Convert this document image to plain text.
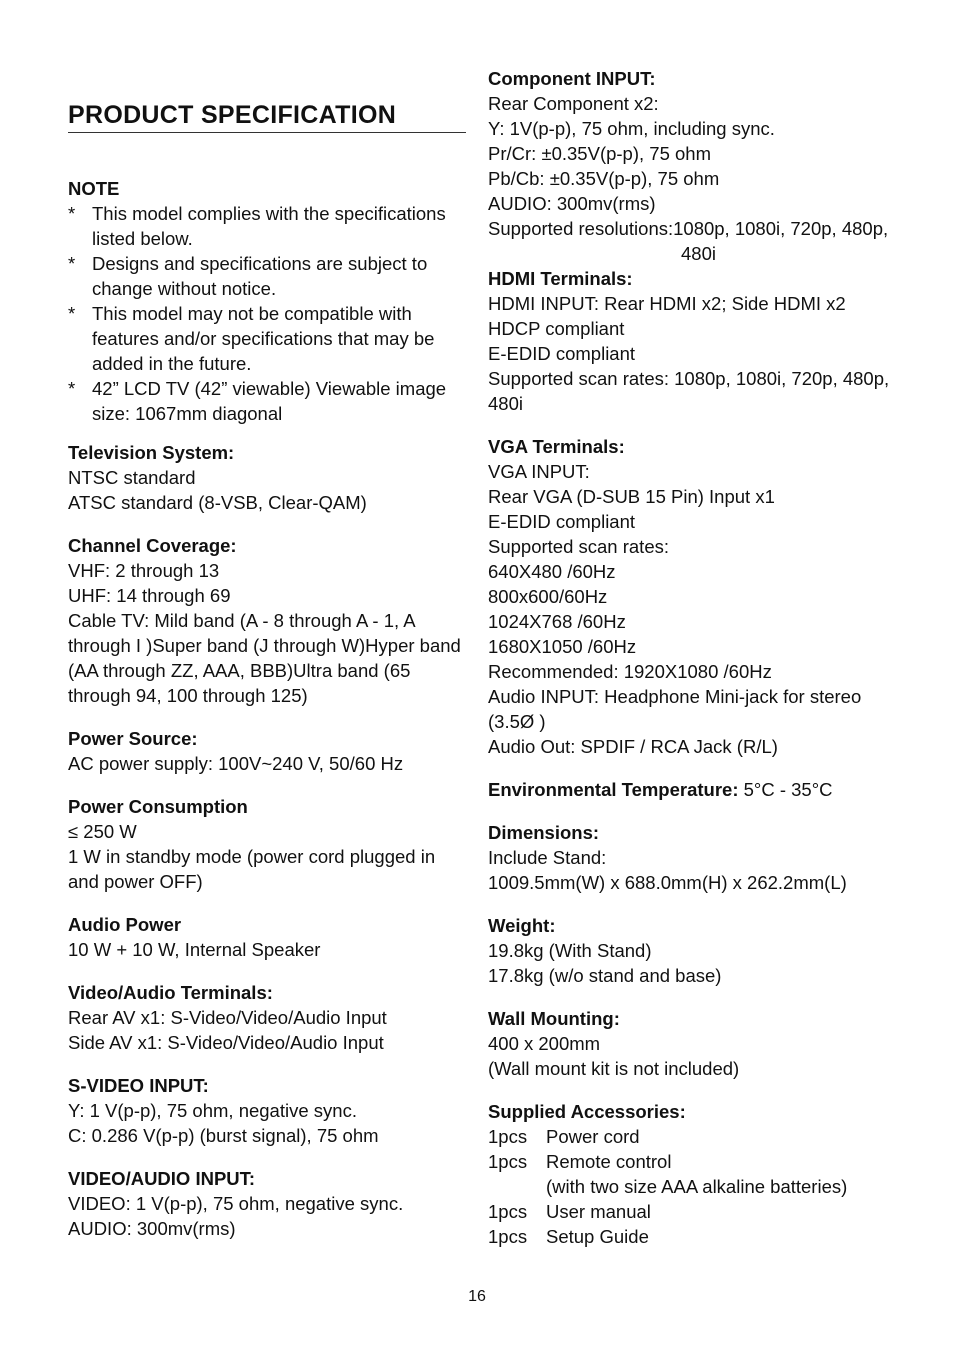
PRODUCT SPECIFICATION
NOTE
* This model complies with the specifications listed below.
* Designs and specifications are subject to change without notice.
* This model may not be compatible with features and/or specifications that may be added in the future.
* 42” LCD TV (42” viewable) Viewable image size: 1067mm diagonal
Television System:
NTSC standard
ATSC standard (8-VSB, Clear-QAM)
Channel Coverage:
VHF: 2 through 13
UHF: 14 through 69
Cable TV: Mild band (A - 8 through A - 1, A through I )Super band (J through W)Hyper band (AA through ZZ, AAA, BBB)Ultra band (65 through 94, 100 through 125)
Power Source:
AC power supply: 100V~240 V, 50/60 Hz
Power Consumption
≤ 250 W
1 W in standby mode (power cord plugged in and power OFF)
Audio Power
10 W + 10 W, Internal Speaker
Video/Audio Terminals:
Rear AV x1: S-Video/Video/Audio Input
Side AV x1: S-Video/Video/Audio Input
S-VIDEO INPUT:
Y: 1 V(p-p), 75 ohm, negative sync.
C: 0.286 V(p-p) (burst signal), 75 ohm
VIDEO/AUDIO INPUT:
VIDEO: 1 V(p-p), 75 ohm, negative sync.
AUDIO: 300mv(rms)
Component INPUT:
Rear Component x2:
Y: 1V(p-p), 75 ohm, including sync.
Pr/Cr: ±0.35V(p-p), 75 ohm
Pb/Cb: ±0.35V(p-p), 75 ohm
AUDIO: 300mv(rms)
Supported resolutions:1080p, 1080i, 720p, 480p,
480i
HDMI Terminals:
HDMI INPUT: Rear HDMI x2; Side HDMI x2
HDCP compliant
E-EDID compliant
Supported scan rates: 1080p, 1080i, 720p, 480p, 480i
VGA Terminals:
VGA INPUT:
Rear VGA (D-SUB 15 Pin) Input x1
E-EDID compliant
Supported scan rates:
640X480 /60Hz
800x600/60Hz
1024X768 /60Hz
1680X1050 /60Hz
Recommended: 1920X1080 /60Hz
Audio INPUT: Headphone Mini-jack for stereo (3.5Ø )
Audio Out: SPDIF / RCA Jack (R/L)
Environmental Temperature: 5°C - 35°C
Dimensions:
Include Stand:
1009.5mm(W) x 688.0mm(H) x 262.2mm(L)
Weight:
19.8kg (With Stand)
17.8kg (w/o stand and base)
Wall Mounting:
400 x 200mm
(Wall mount kit is not included)
Supplied Accessories:
1pcs	Power cord
1pcs	Remote control
(with two size AAA alkaline batteries)
1pcs	User manual
1pcs	Setup Guide
16
